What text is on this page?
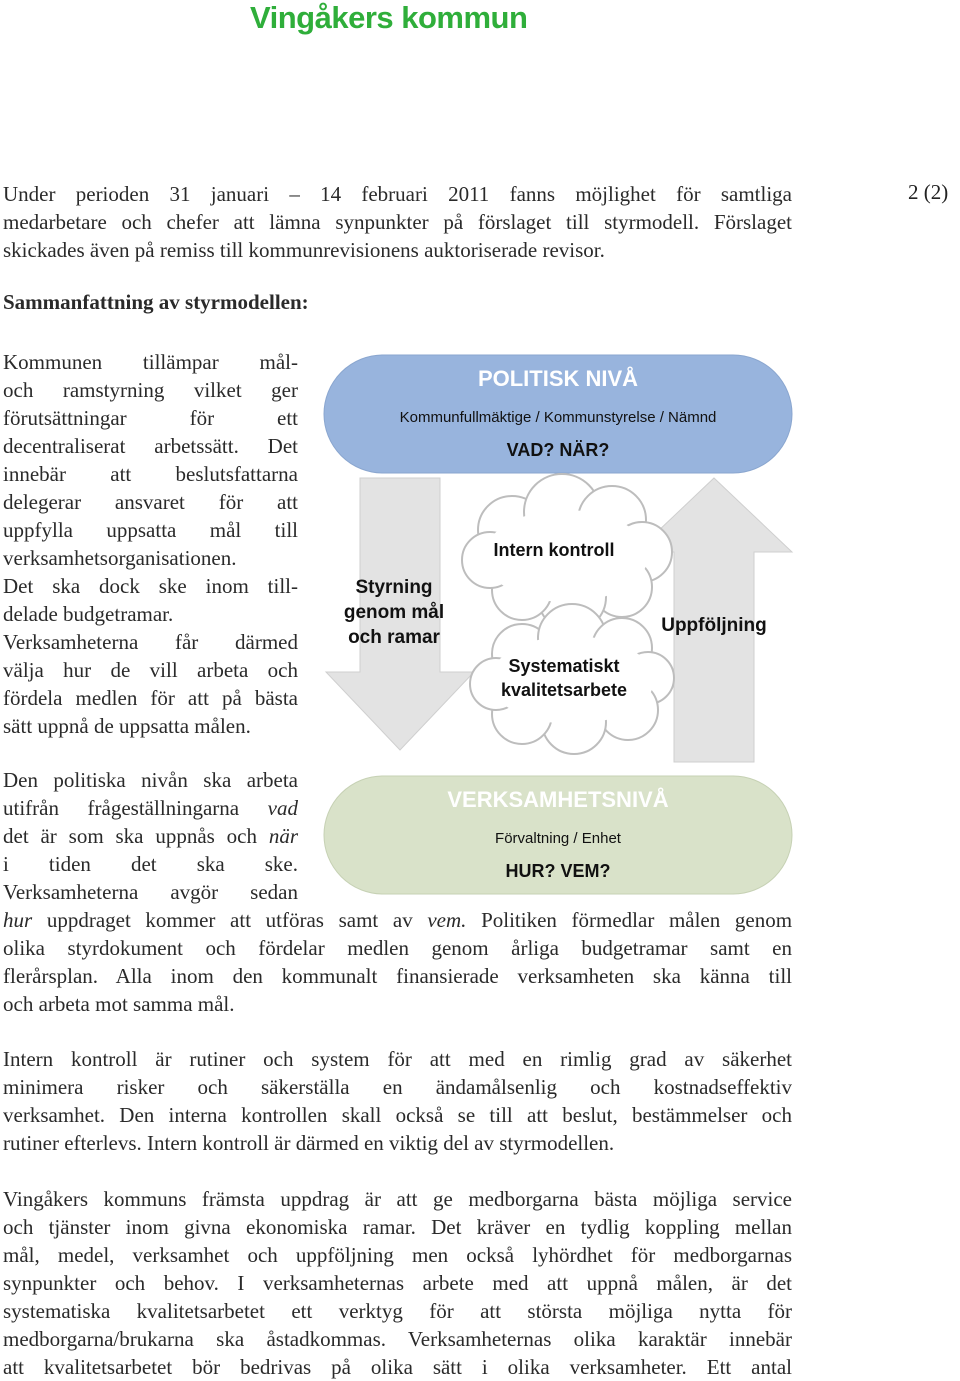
Vingåkers kommun
2 (2)
Under perioden 31 januari – 14 februari 2011 fanns möjlighet för samtliga
medarbetare och chefer att lämna synpunkter på förslaget till styrmodell. Förslaget
skickades även på remiss till kommunrevisionens auktoriserade revisor.
Sammanfattning av styrmodellen:
Kommunen tillämpar mål-
och ramstyrning vilket ger
förutsättningar för ett
decentraliserat arbetssätt. Det
innebär att beslutsfattarna
delegerar ansvaret för att
uppfylla uppsatta mål till
verksamhetsorganisationen.
Det ska dock ske inom till-
delade budgetramar.
Verksamheterna får därmed
välja hur de vill arbeta och
fördela medlen för att på bästa
sätt uppnå de uppsatta målen.
Den politiska nivån ska arbeta
utifrån frågeställningarna vad
det är som ska uppnås och när
i tiden det ska ske.
Verksamheterna avgör sedan
hur uppdraget kommer att utföras samt av vem. Politiken förmedlar målen genom
olika styrdokument och fördelar medlen genom årliga budgetramar samt en
flerårsplan. Alla inom den kommunalt finansierade verksamheten ska känna till
och arbeta mot samma mål.
Intern kontroll är rutiner och system för att med en rimlig grad av säkerhet
minimera risker och säkerställa en ändamålsenlig och kostnadseffektiv
verksamhet. Den interna kontrollen skall också se till att beslut, bestämmelser och
rutiner efterlevs. Intern kontroll är därmed en viktig del av styrmodellen.
Vingåkers kommuns främsta uppdrag är att ge medborgarna bästa möjliga service
och tjänster inom givna ekonomiska ramar. Det kräver en tydlig koppling mellan
mål, medel, verksamhet och uppföljning men också lyhördhet för medborgarnas
synpunkter och behov. I verksamheternas arbete med att uppnå målen, är det
systematiska kvalitetsarbetet ett verktyg för att största möjliga nytta för
medborgarna/brukarna ska åstadkommas. Verksamheternas olika karaktär innebär
att kvalitetsarbetet bör bedrivas på olika sätt i olika verksamheter. Ett antal
POLITISK NIVÅ
Kommunfullmäktige / Kommunstyrelse / Nämnd
VAD? NÄR?
Styrning
genom mål
och ramar
Uppföljning
Intern kontroll
Systematiskt
kvalitetsarbete
VERKSAMHETSNIVÅ
Förvaltning / Enhet
HUR? VEM?
